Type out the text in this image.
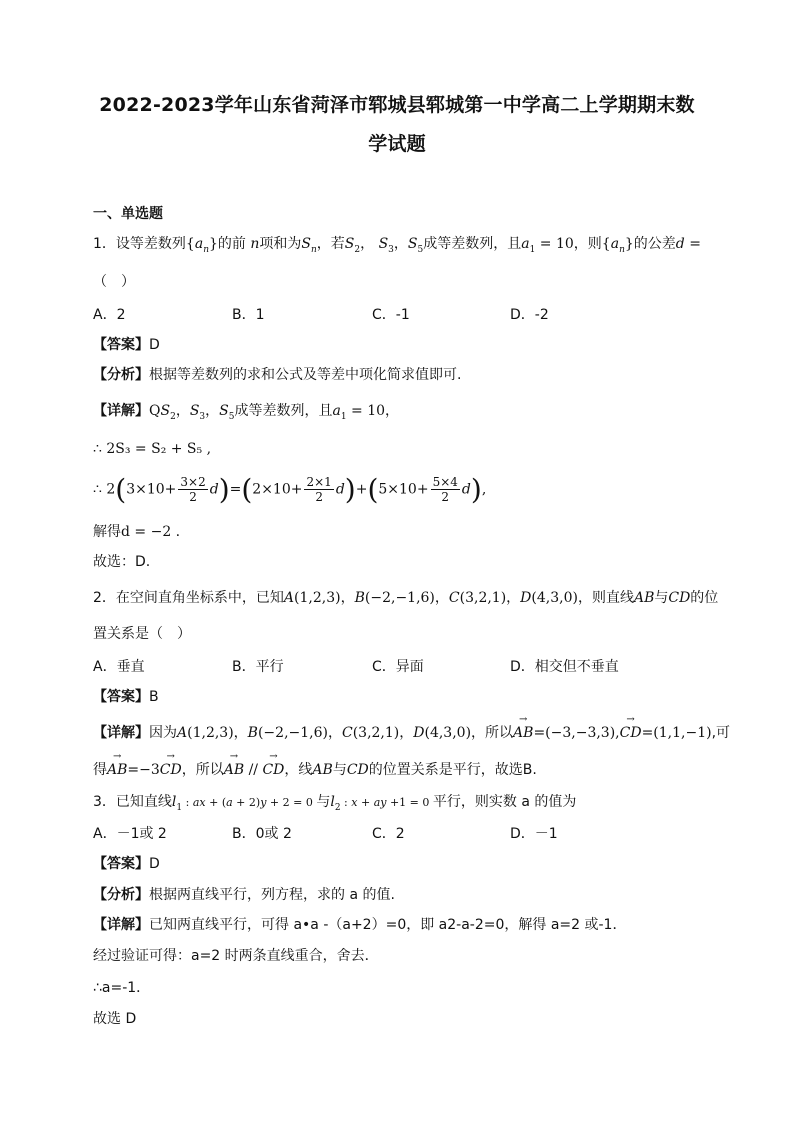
2022-2023学年山东省菏泽市郓城县郓城第一中学高二上学期期末数
学试题
一、单选题
1．设等差数列$\{a_n\}$的前 n项和为$S_n$，若$S_2$， $S_3$，$S_5$成等差数列，且$a_1 = 10$，则$\{a_n\}$的公差d =
（　）
A．2	B．1	C．-1	D．-2
【答案】D
【分析】根据等差数列的求和公式及等差中项化简求值即可.
【详解】$QS_2$，$S_3$，$S_5$成等差数列，且$a_1 = 10$，
∴ 2S₃ = S₂ + S₅ ,
∴ $2(3\times 10+ \frac{3\times 2}{2} d)=(2\times 10+ \frac{2\times 1}{2} d)+(5\times 10+ \frac{5\times 4}{2} d)$,
解得d = −2 .
故选：D.
2．在空间直角坐标系中，已知A(1,2,3)，B(−2,−1,6)，C(3,2,1)，D(4,3,0)，则直线AB与CD的位
置关系是（　）
A．垂直	B．平行	C．异面	D．相交但不垂直
【答案】B
【详解】因为A(1,2,3)，B(−2,−1,6)，C(3,2,1)，D(4,3,0)，所以→ AB=(−3,−3,3),→ CD=(1,1,−1),可
得→ AB=−3→ CD，所以→ AB // → CD，线AB与CD的位置关系是平行，故选B.
3．已知直线$l_1$ : ax + (a + 2)y + 2 = 0 与$l_2$ : x + ay +1 = 0 平行，则实数 a 的值为
A．－1或 2	B．0或 2	C．2	D．－1
【答案】D
【分析】根据两直线平行，列方程，求的 a 的值.
【详解】已知两直线平行，可得 a•a -（a+2）=0，即 a2-a-2=0，解得 a=2 或-1．
经过验证可得：a=2 时两条直线重合，舍去．
∴a=-1．
故选 D
